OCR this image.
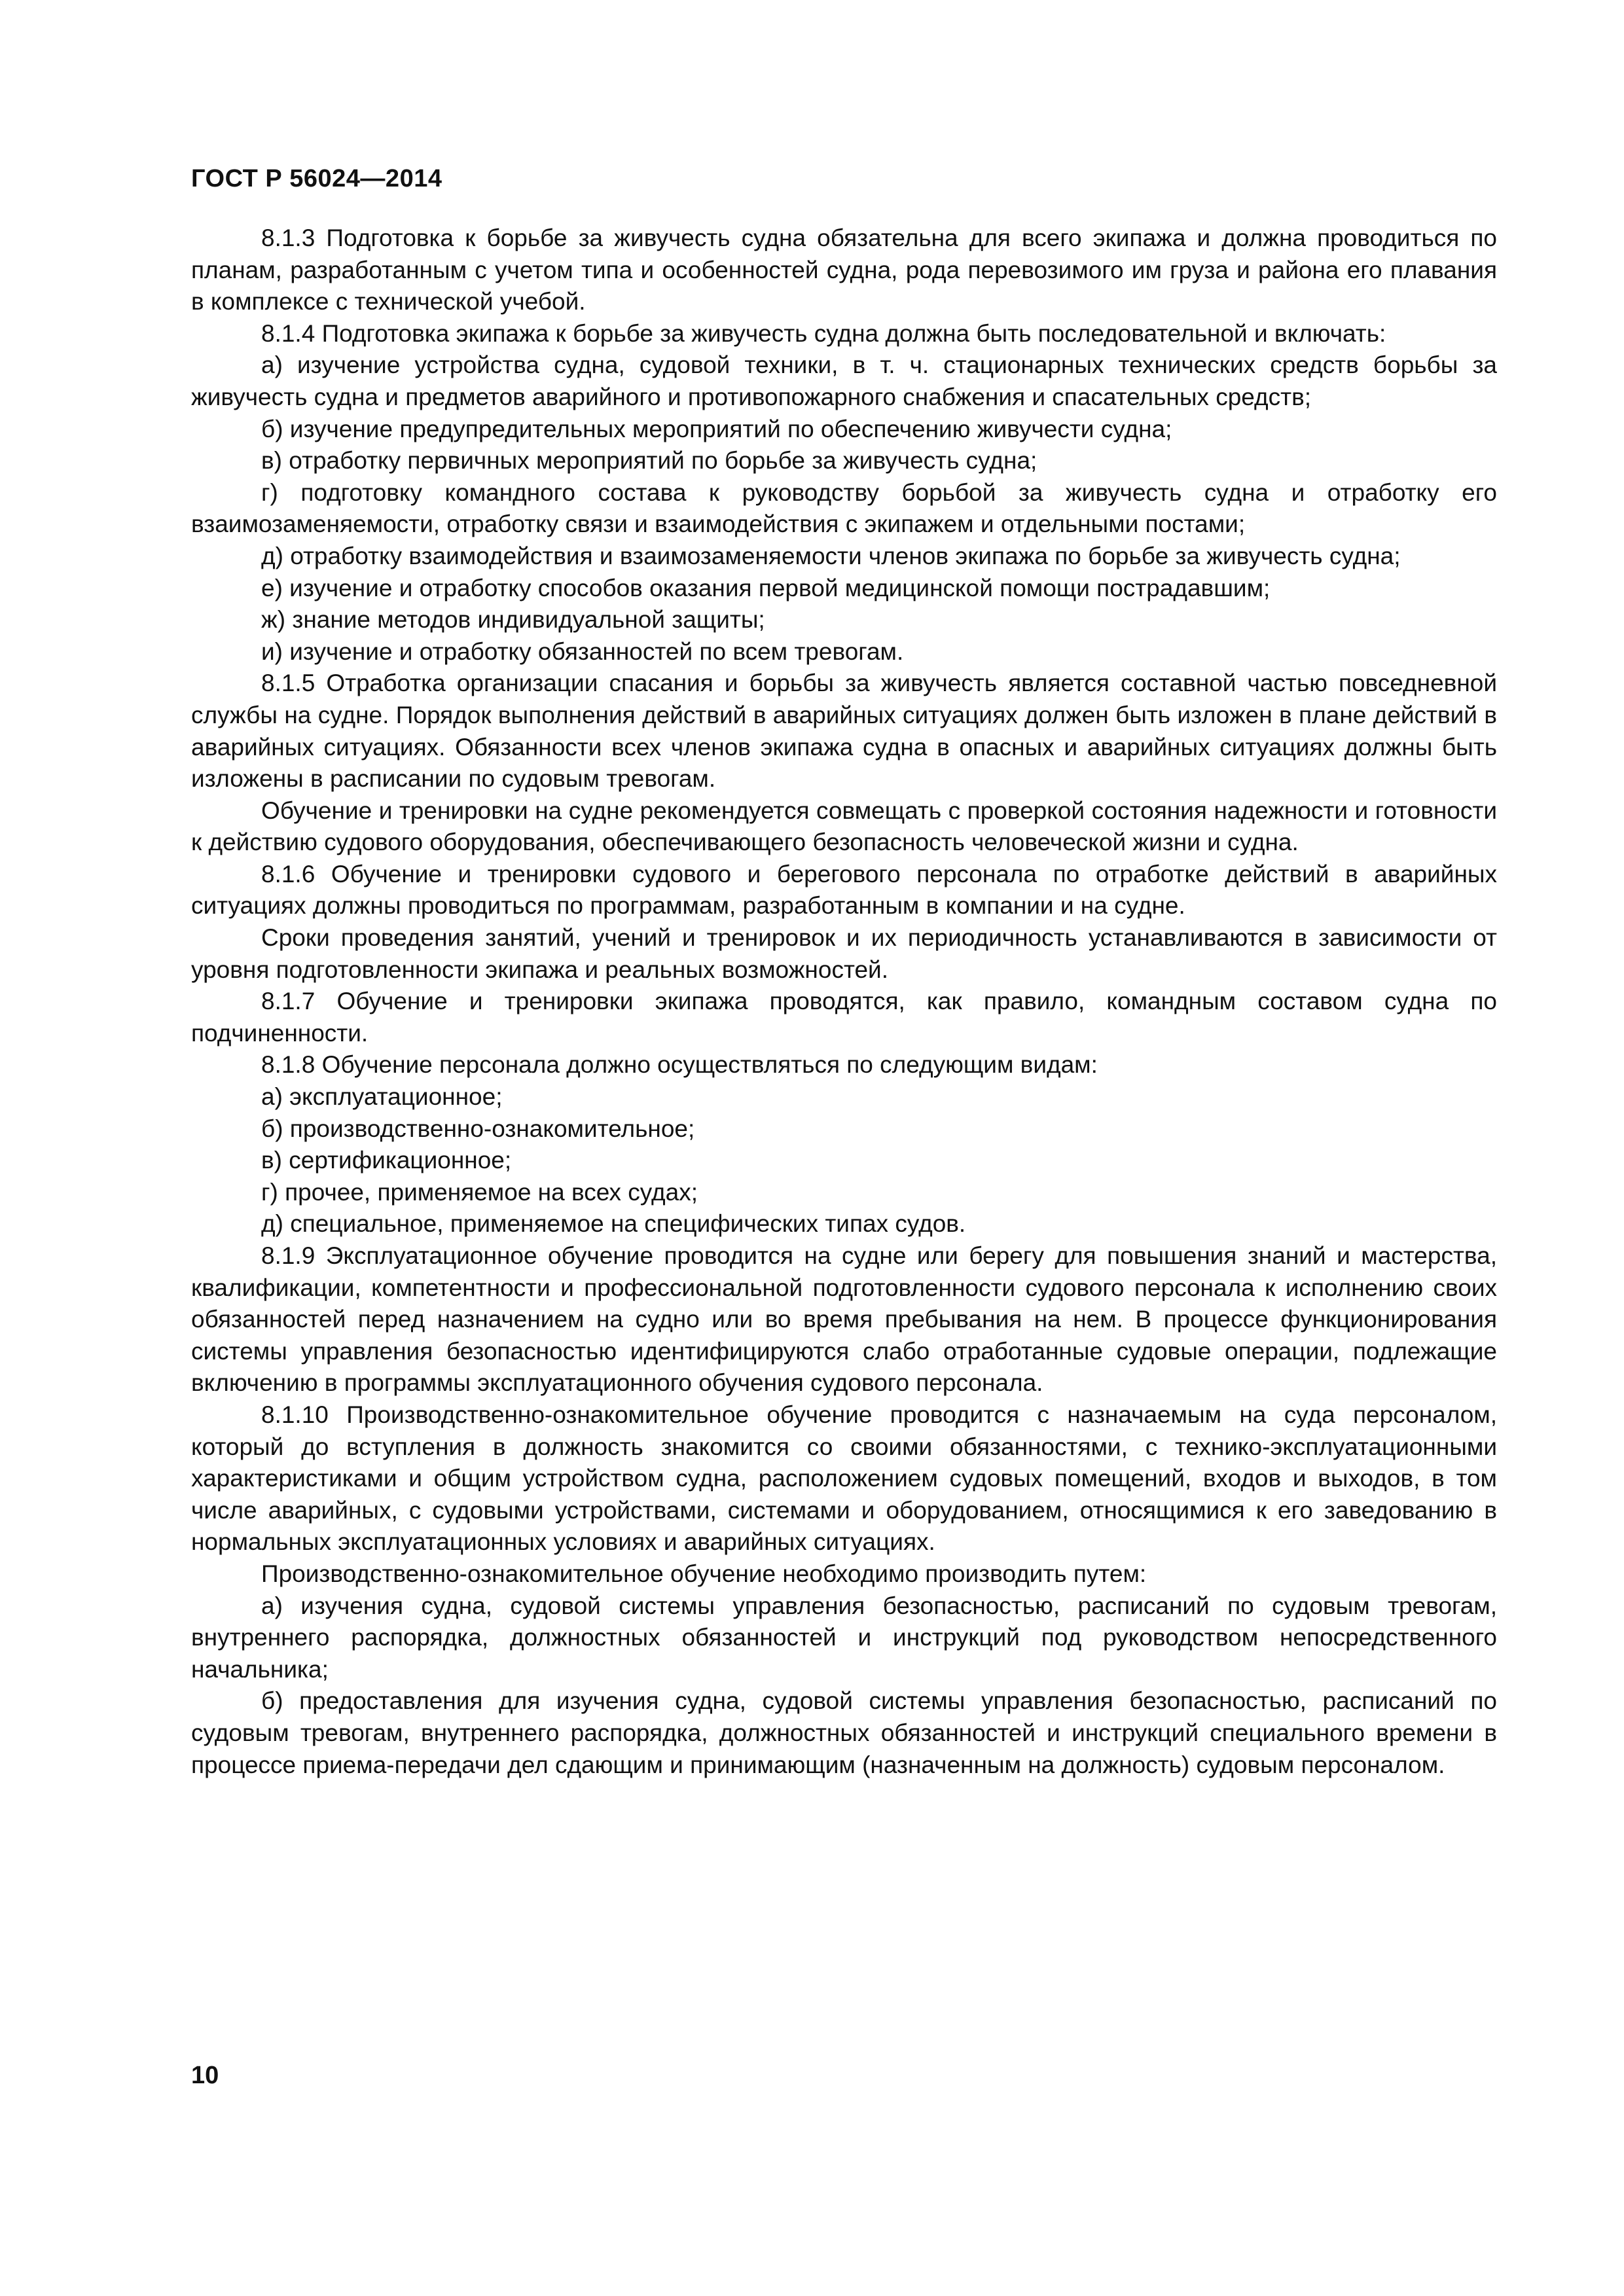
ГОСТ Р 56024—2014

8.1.3 Подготовка к борьбе за живучесть судна обязательна для всего экипажа и должна проводиться по планам, разработанным с учетом типа и особенностей судна, рода перевозимого им груза и района его плавания в комплексе с технической учебой.

8.1.4 Подготовка экипажа к борьбе за живучесть судна должна быть последовательной и включать:

а) изучение устройства судна, судовой техники, в т. ч. стационарных технических средств борьбы за живучесть судна и предметов аварийного и противопожарного снабжения и спасательных средств;

б) изучение предупредительных мероприятий по обеспечению живучести судна;

в) отработку первичных мероприятий по борьбе за живучесть судна;

г) подготовку командного состава к руководству борьбой за живучесть судна и отработку его взаимозаменяемости, отработку связи и взаимодействия с экипажем и отдельными постами;

д) отработку взаимодействия и взаимозаменяемости членов экипажа по борьбе за живучесть судна;

е) изучение и отработку способов оказания первой медицинской помощи пострадавшим;

ж) знание методов индивидуальной защиты;

и) изучение и отработку обязанностей по всем тревогам.

8.1.5 Отработка организации спасания и борьбы за живучесть является составной частью повседневной службы на судне. Порядок выполнения действий в аварийных ситуациях должен быть изложен в плане действий в аварийных ситуациях. Обязанности всех членов экипажа судна в опасных и аварийных ситуациях должны быть изложены в расписании по судовым тревогам.

Обучение и тренировки на судне рекомендуется совмещать с проверкой состояния надежности и готовности к действию судового оборудования, обеспечивающего безопасность человеческой жизни и судна.

8.1.6 Обучение и тренировки судового и берегового персонала по отработке действий в аварийных ситуациях должны проводиться по программам, разработанным в компании и на судне.

Сроки проведения занятий, учений и тренировок и их периодичность устанавливаются в зависимости от уровня подготовленности экипажа и реальных возможностей.

8.1.7 Обучение и тренировки экипажа проводятся, как правило, командным составом судна по подчиненности.

8.1.8 Обучение персонала должно осуществляться по следующим видам:

а) эксплуатационное;

б) производственно-ознакомительное;

в) сертификационное;

г) прочее, применяемое на всех судах;

д) специальное, применяемое на специфических типах судов.

8.1.9 Эксплуатационное обучение проводится на судне или берегу для повышения знаний и мастерства, квалификации, компетентности и профессиональной подготовленности судового персонала к исполнению своих обязанностей перед назначением на судно или во время пребывания на нем. В процессе функционирования системы управления безопасностью идентифицируются слабо отработанные судовые операции, подлежащие включению в программы эксплуатационного обучения судового персонала.

8.1.10 Производственно-ознакомительное обучение проводится с назначаемым на суда персоналом, который до вступления в должность знакомится со своими обязанностями, с технико-эксплуатационными характеристиками и общим устройством судна, расположением судовых помещений, входов и выходов, в том числе аварийных, с судовыми устройствами, системами и оборудованием, относящимися к его заведованию в нормальных эксплуатационных условиях и аварийных ситуациях.

Производственно-ознакомительное обучение необходимо производить путем:

а) изучения судна, судовой системы управления безопасностью, расписаний по судовым тревогам, внутреннего распорядка, должностных обязанностей и инструкций под руководством непосредственного начальника;

б) предоставления для изучения судна, судовой системы управления безопасностью, расписаний по судовым тревогам, внутреннего распорядка, должностных обязанностей и инструкций специального времени в процессе приема-передачи дел сдающим и принимающим (назначенным на должность) судовым персоналом.

10
